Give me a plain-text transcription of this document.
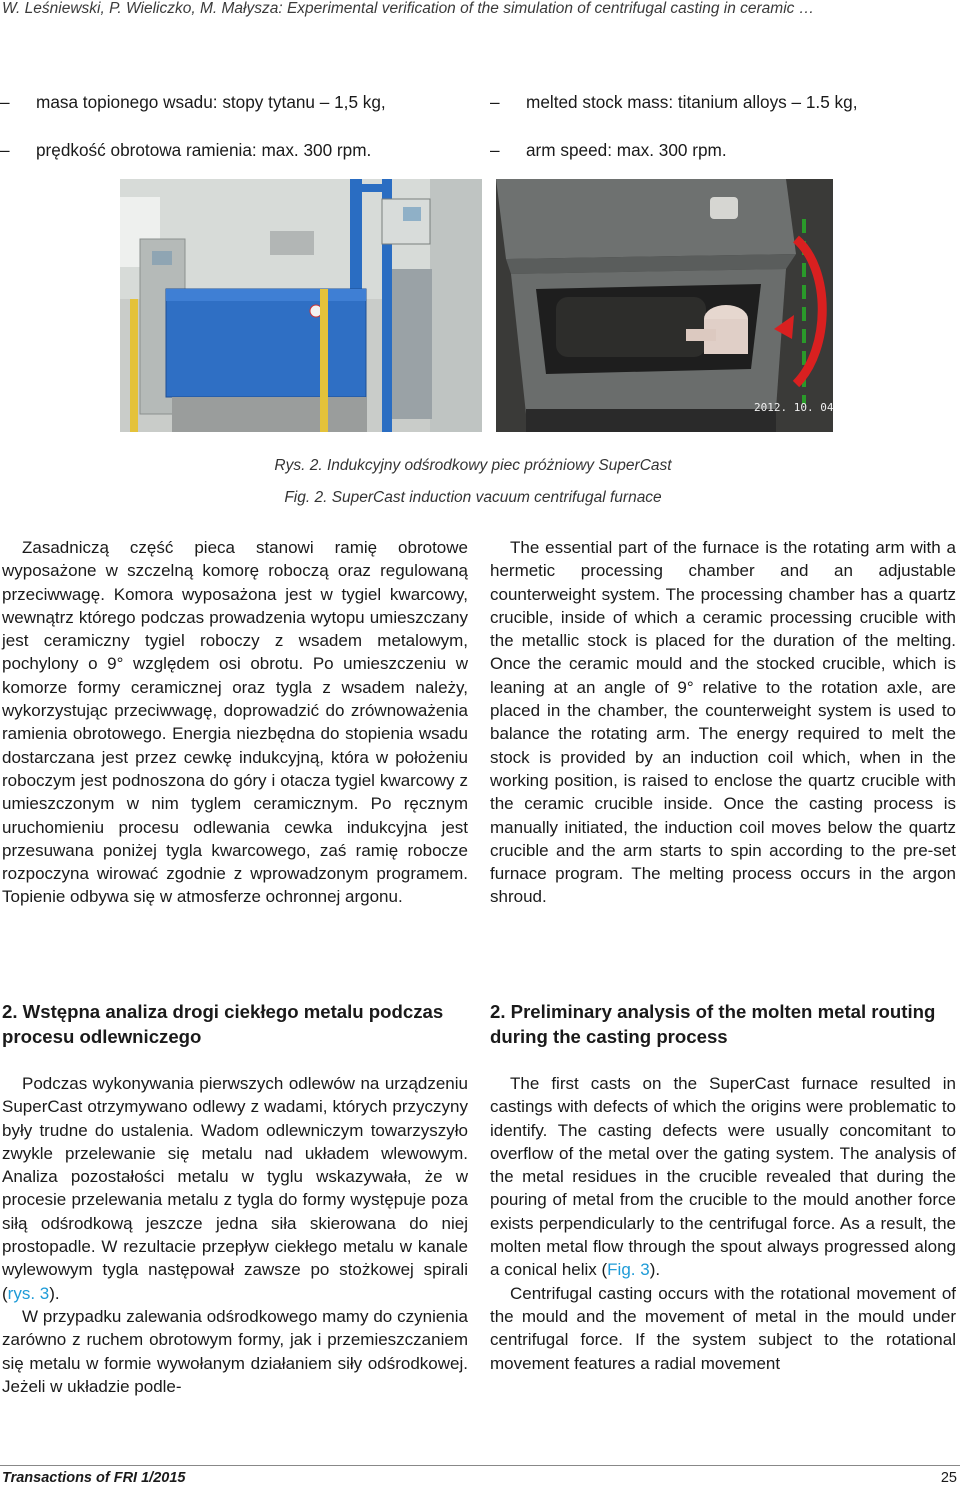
W. Leśniewski, P. Wieliczko, M. Małysza: Experimental verification of the simulation of centrifugal casting in ceramic …
– masa topionego wsadu: stopy tytanu – 1,5 kg,
– prędkość obrotowa ramienia: max. 300 rpm.
– melted stock mass: titanium alloys – 1.5 kg,
– arm speed: max. 300 rpm.
2012. 10. 04
Rys. 2. Indukcyjny odśrodkowy piec próżniowy SuperCast
Fig. 2. SuperCast induction vacuum centrifugal furnace

Zasadniczą część pieca stanowi ramię obrotowe wyposażone w szczelną komorę roboczą oraz regulowaną przeciwwagę. Komora wyposażona jest w tygiel kwarcowy, wewnątrz którego podczas prowadzenia wytopu umieszczany jest ceramiczny tygiel roboczy z wsadem metalowym, pochylony o 9° względem osi obrotu. Po umieszczeniu w komorze formy ceramicznej oraz tygla z wsadem należy, wykorzystując przeciwwagę, doprowadzić do zrównoważenia ramienia obrotowego. Energia niezbędna do stopienia wsadu dostarczana jest przez cewkę indukcyjną, która w położeniu roboczym jest podnoszona do góry i otacza tygiel kwarcowy z umieszczonym w nim tyglem ceramicznym. Po ręcznym uruchomieniu procesu odlewania cewka indukcyjna jest przesuwana poniżej tygla kwarcowego, zaś ramię robocze rozpoczyna wirować zgodnie z wprowadzonym programem. Topienie odbywa się w atmosferze ochronnej argonu.

The essential part of the furnace is the rotating arm with a hermetic processing chamber and an adjustable counterweight system. The processing chamber has a quartz crucible, inside of which a ceramic processing crucible with the metallic stock is placed for the duration of the melting. Once the ceramic mould and the stocked crucible, which is leaning at an angle of 9° relative to the rotation axle, are placed in the chamber, the counterweight system is used to balance the rotating arm. The energy required to melt the stock is provided by an induction coil which, when in the working position, is raised to enclose the quartz crucible with the ceramic crucible inside. Once the casting process is manually initiated, the induction coil moves below the quartz crucible and the arm starts to spin according to the pre-set furnace program. The melting process occurs in the argon shroud.

2. Wstępna analiza drogi ciekłego metalu podczas procesu odlewniczego
2. Preliminary analysis of the molten metal routing during the casting process

Podczas wykonywania pierwszych odlewów na urządzeniu SuperCast otrzymywano odlewy z wadami, których przyczyny były trudne do ustalenia. Wadom odlewniczym towarzyszyło zwykle przelewanie się metalu nad układem wlewowym. Analiza pozostałości metalu w tyglu wskazywała, że w procesie przelewania metalu z tygla do formy występuje poza siłą odśrodkową jeszcze jedna siła skierowana do niej prostopadle. W rezultacie przepływ ciekłego metalu w kanale wylewowym tygla następował zawsze po stożkowej spirali (rys. 3).

W przypadku zalewania odśrodkowego mamy do czynienia zarówno z ruchem obrotowym formy, jak i przemieszczaniem się metalu w formie wywołanym działaniem siły odśrodkowej. Jeżeli w układzie podle-

The first casts on the SuperCast furnace resulted in castings with defects of which the origins were problematic to identify. The casting defects were usually concomitant to overflow of the metal over the gating system. The analysis of the metal residues in the crucible revealed that during the pouring of metal from the crucible to the mould another force exists perpendicularly to the centrifugal force. As a result, the molten metal flow through the spout always progressed along a conical helix (Fig. 3).

Centrifugal casting occurs with the rotational movement of the mould and the movement of metal in the mould under centrifugal force. If the system subject to the rotational movement features a radial movement

Transactions of FRI 1/2015	25
